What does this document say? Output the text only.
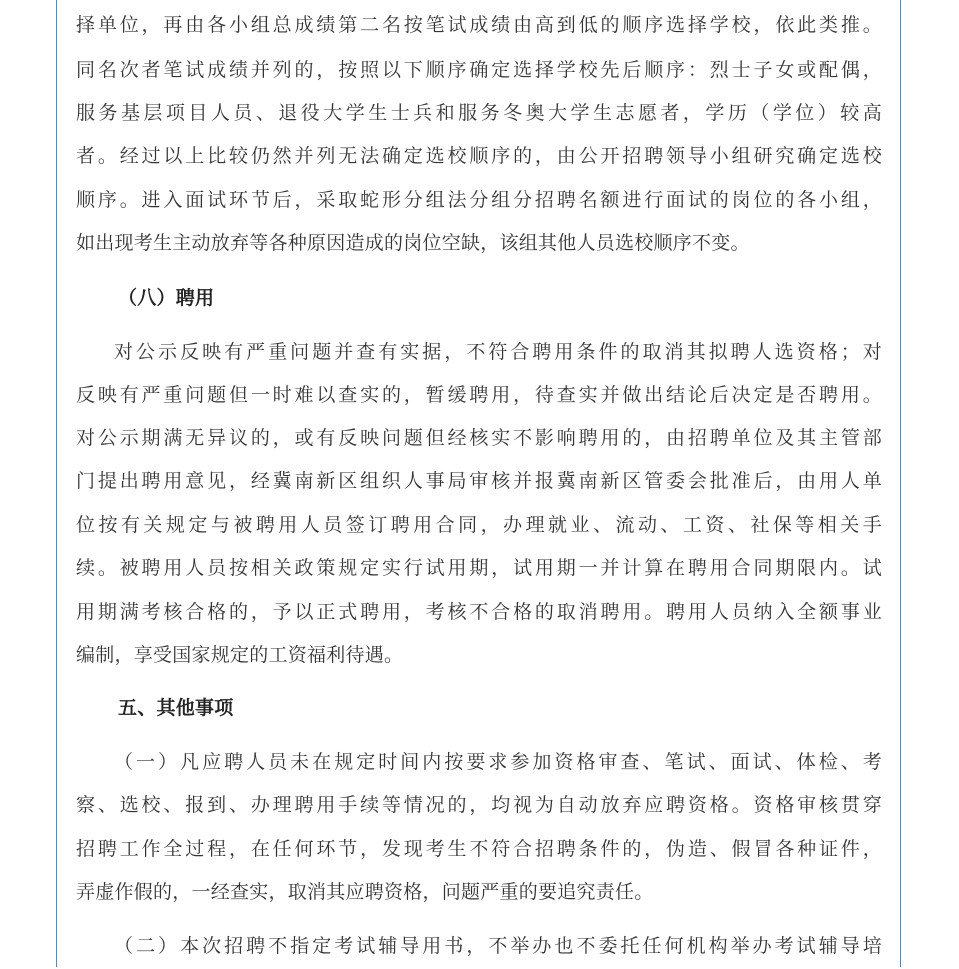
择单位，再由各小组总成绩第二名按笔试成绩由高到低的顺序选择学校，依此类推。
同名次者笔试成绩并列的，按照以下顺序确定选择学校先后顺序：烈士子女或配偶，
服务基层项目人员、退役大学生士兵和服务冬奥大学生志愿者，学历（学位）较高
者。经过以上比较仍然并列无法确定选校顺序的，由公开招聘领导小组研究确定选校
顺序。进入面试环节后，采取蛇形分组法分组分招聘名额进行面试的岗位的各小组，
如出现考生主动放弃等各种原因造成的岗位空缺，该组其他人员选校顺序不变。
（八）聘用
对公示反映有严重问题并查有实据，不符合聘用条件的取消其拟聘人选资格；对
反映有严重问题但一时难以查实的，暂缓聘用，待查实并做出结论后决定是否聘用。
对公示期满无异议的，或有反映问题但经核实不影响聘用的，由招聘单位及其主管部
门提出聘用意见，经冀南新区组织人事局审核并报冀南新区管委会批准后，由用人单
位按有关规定与被聘用人员签订聘用合同，办理就业、流动、工资、社保等相关手
续。被聘用人员按相关政策规定实行试用期，试用期一并计算在聘用合同期限内。试
用期满考核合格的，予以正式聘用，考核不合格的取消聘用。聘用人员纳入全额事业
编制，享受国家规定的工资福利待遇。
五、其他事项
（一）凡应聘人员未在规定时间内按要求参加资格审查、笔试、面试、体检、考
察、选校、报到、办理聘用手续等情况的，均视为自动放弃应聘资格。资格审核贯穿
招聘工作全过程，在任何环节，发现考生不符合招聘条件的，伪造、假冒各种证件，
弄虚作假的，一经查实，取消其应聘资格，问题严重的要追究责任。
（二）本次招聘不指定考试辅导用书，不举办也不委托任何机构举办考试辅导培
